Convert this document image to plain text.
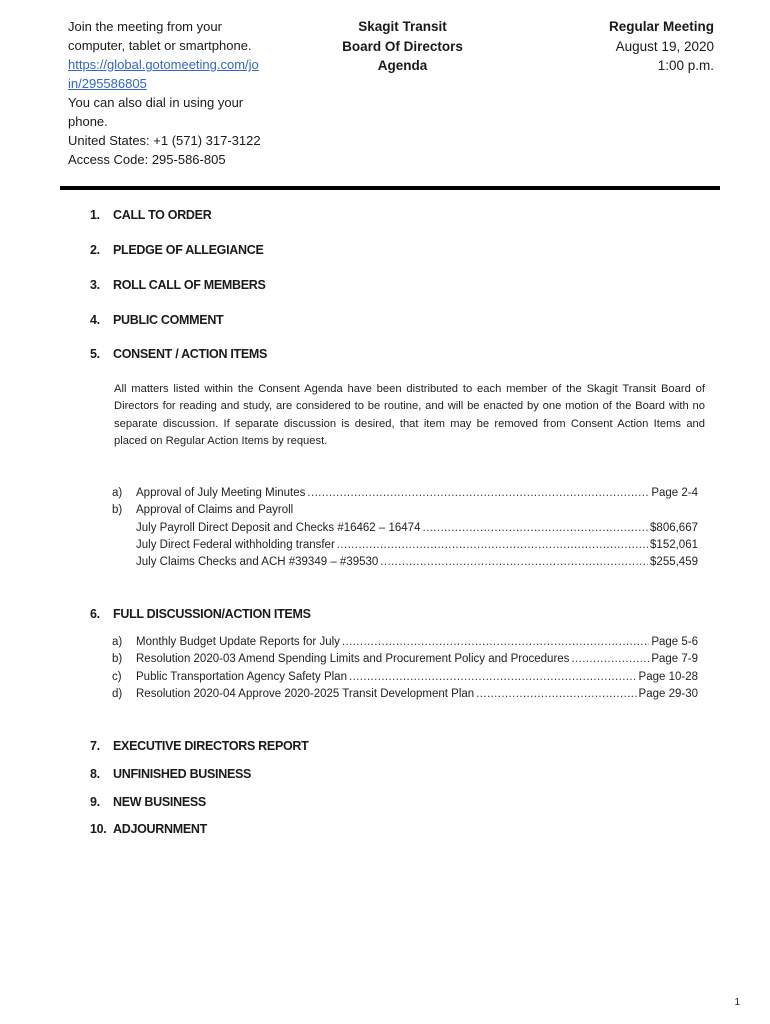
Join the meeting from your
computer, tablet or smartphone.
https://global.gotomeeting.com/jo
in/295586805
You can also dial in using your
phone.
United States: +1 (571) 317-3122
Access Code: 295-586-805
Skagit Transit
Board Of Directors
Agenda
Regular Meeting
August 19, 2020
1:00 p.m.
1.	CALL TO ORDER
2.	PLEDGE OF ALLEGIANCE
3.	ROLL CALL OF MEMBERS
4.	PUBLIC COMMENT
5.	CONSENT / ACTION ITEMS
All matters listed within the Consent Agenda have been distributed to each member of the Skagit Transit Board of Directors for reading and study, are considered to be routine, and will be enacted by one motion of the Board with no separate discussion. If separate discussion is desired, that item may be removed from Consent Action Items and placed on Regular Action Items by request.
a)	Approval of July Meeting Minutes .....	Page 2-4
b)	Approval of Claims and Payroll
July Payroll Direct Deposit and Checks #16462 – 16474 .....	$806,667
July Direct Federal withholding transfer .....	$152,061
July Claims Checks and ACH #39349 – #39530 .....	$255,459
6.	FULL DISCUSSION/ACTION ITEMS
a)	Monthly Budget Update Reports for July .....	Page 5-6
b)	Resolution 2020-03 Amend Spending Limits and Procurement Policy and Procedures .....	Page 7-9
c)	Public Transportation Agency Safety Plan .....	Page 10-28
d)	Resolution 2020-04 Approve 2020-2025 Transit Development Plan .....	Page 29-30
7.	EXECUTIVE DIRECTORS REPORT
8.	UNFINISHED BUSINESS
9.	NEW BUSINESS
10. ADJOURNMENT
1
